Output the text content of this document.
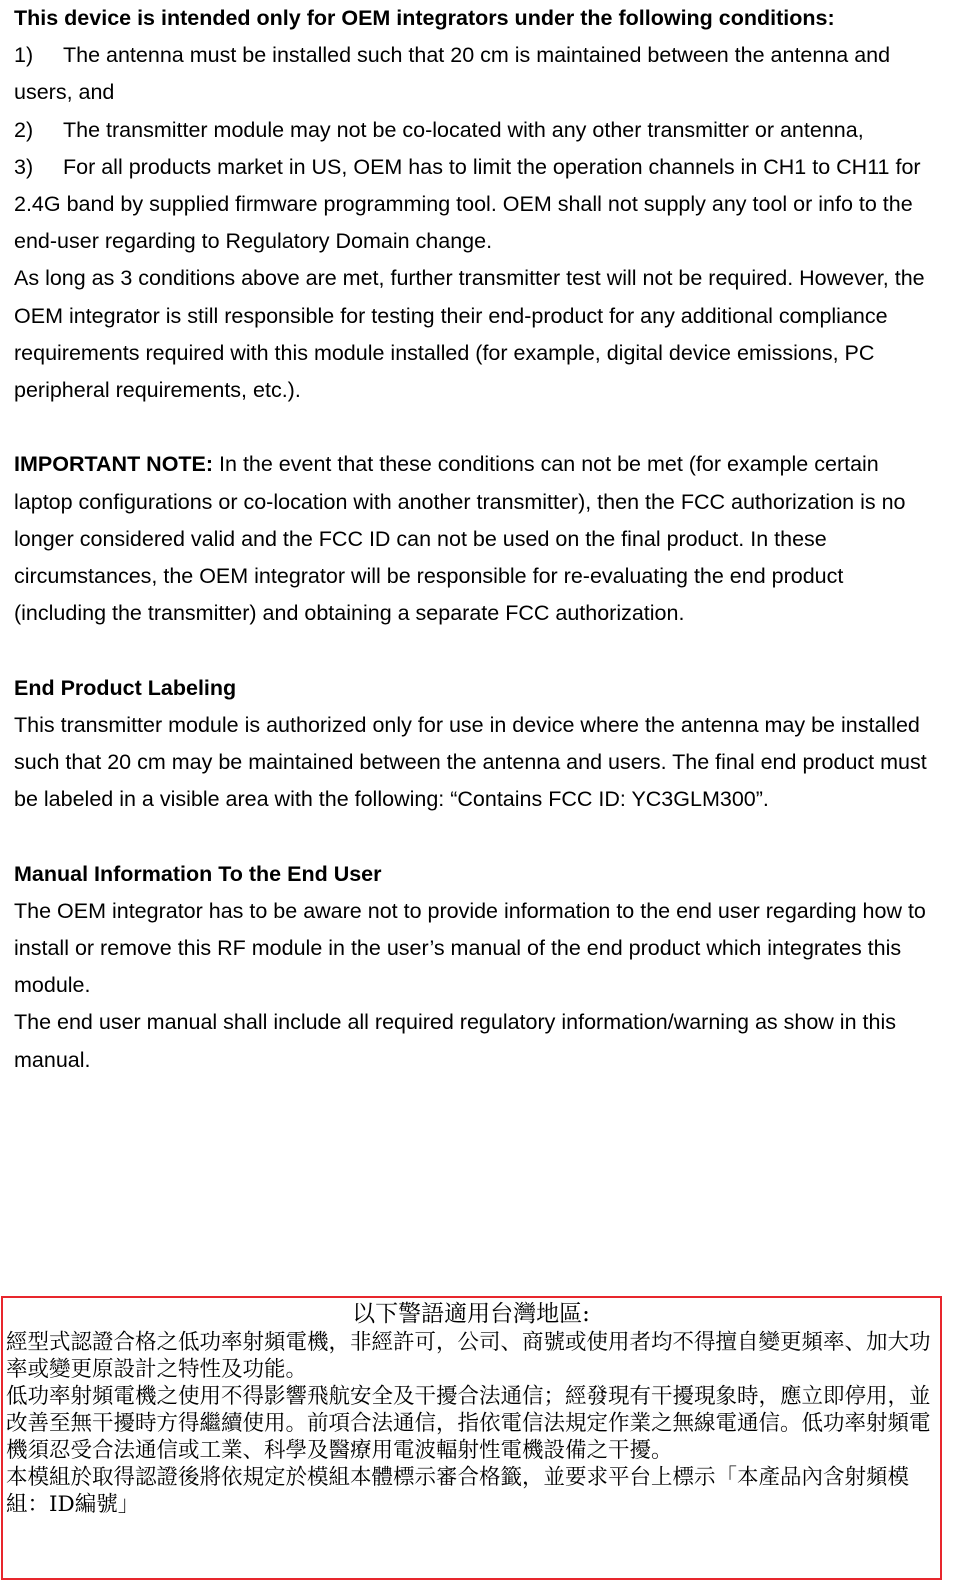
This device is intended only for OEM integrators under the following conditions:

1) The antenna must be installed such that 20 cm is maintained between the antenna and users, and

2) The transmitter module may not be co-located with any other transmitter or antenna,

3) For all products market in US, OEM has to limit the operation channels in CH1 to CH11 for 2.4G band by supplied firmware programming tool. OEM shall not supply any tool or info to the end-user regarding to Regulatory Domain change.

As long as 3 conditions above are met, further transmitter test will not be required. However, the OEM integrator is still responsible for testing their end-product for any additional compliance requirements required with this module installed (for example, digital device emissions, PC peripheral requirements, etc.).

IMPORTANT NOTE: In the event that these conditions can not be met (for example certain laptop configurations or co-location with another transmitter), then the FCC authorization is no longer considered valid and the FCC ID can not be used on the final product. In these circumstances, the OEM integrator will be responsible for re-evaluating the end product (including the transmitter) and obtaining a separate FCC authorization.

End Product Labeling

This transmitter module is authorized only for use in device where the antenna may be installed such that 20 cm may be maintained between the antenna and users. The final end product must be labeled in a visible area with the following: “Contains FCC ID: YC3GLM300”.

Manual Information To the End User

The OEM integrator has to be aware not to provide information to the end user regarding how to install or remove this RF module in the user’s manual of the end product which integrates this module.

The end user manual shall include all required regulatory information/warning as show in this manual.

以下警語適用台灣地區:

經型式認證合格之低功率射頻電機，非經許可，公司、商號或使用者均不得擅自變更頻率、加大功率或變更原設計之特性及功能。

低功率射頻電機之使用不得影響飛航安全及干擾合法通信；經發現有干擾現象時，應立即停用，並改善至無干擾時方得繼續使用。前項合法通信，指依電信法規定作業之無線電通信。低功率射頻電機須忍受合法通信或工業、科學及醫療用電波輻射性電機設備之干擾。

本模組於取得認證後將依規定於模組本體標示審合格籤，並要求平台上標示「本產品內含射頻模組：ID編號」
